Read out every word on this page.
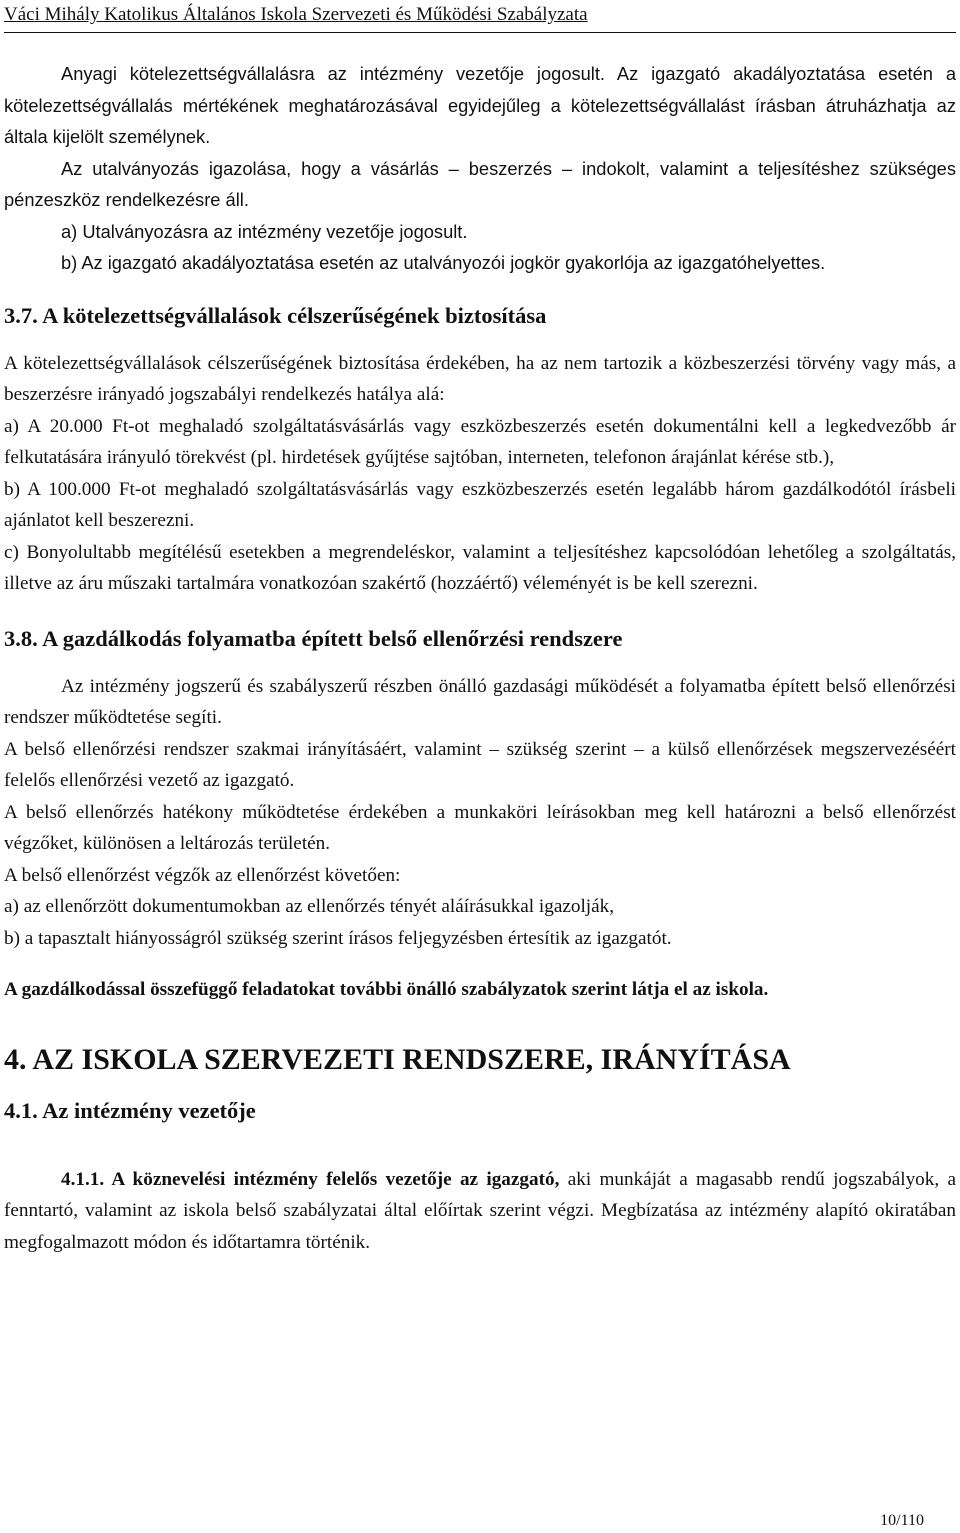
Váci Mihály Katolikus Általános Iskola Szervezeti és Működési Szabályzata

Anyagi kötelezettségvállalásra az intézmény vezetője jogosult. Az igazgató akadályoztatása esetén a kötelezettségvállalás mértékének meghatározásával egyidejűleg a kötelezettségvállalást írásban átruházhatja az általa kijelölt személynek.

Az utalványozás igazolása, hogy a vásárlás – beszerzés – indokolt, valamint a teljesítéshez szükséges pénzeszköz rendelkezésre áll.

a) Utalványozásra az intézmény vezetője jogosult.

b) Az igazgató akadályoztatása esetén az utalványozói jogkör gyakorlója az igazgatóhelyettes.

3.7. A kötelezettségvállalások célszerűségének biztosítása

A kötelezettségvállalások célszerűségének biztosítása érdekében, ha az nem tartozik a közbeszerzési törvény vagy más, a beszerzésre irányadó jogszabályi rendelkezés hatálya alá:

a) A 20.000 Ft-ot meghaladó szolgáltatásvásárlás vagy eszközbeszerzés esetén dokumentálni kell a legkedvezőbb ár felkutatására irányuló törekvést (pl. hirdetések gyűjtése sajtóban, interneten, telefonon árajánlat kérése stb.),

b) A 100.000 Ft-ot meghaladó szolgáltatásvásárlás vagy eszközbeszerzés esetén legalább három gazdálkodótól írásbeli ajánlatot kell beszerezni.

c) Bonyolultabb megítélésű esetekben a megrendeléskor, valamint a teljesítéshez kapcsolódóan lehetőleg a szolgáltatás, illetve az áru műszaki tartalmára vonatkozóan szakértő (hozzáértő) véleményét is be kell szerezni.

3.8. A gazdálkodás folyamatba épített belső ellenőrzési rendszere

Az intézmény jogszerű és szabályszerű részben önálló gazdasági működését a folyamatba épített belső ellenőrzési rendszer működtetése segíti.

A belső ellenőrzési rendszer szakmai irányításáért, valamint – szükség szerint – a külső ellenőrzések megszervezéséért felelős ellenőrzési vezető az igazgató.

A belső ellenőrzés hatékony működtetése érdekében a munkaköri leírásokban meg kell határozni a belső ellenőrzést végzőket, különösen a leltározás területén.

A belső ellenőrzést végzők az ellenőrzést követően:

a) az ellenőrzött dokumentumokban az ellenőrzés tényét aláírásukkal igazolják,

b) a tapasztalt hiányosságról szükség szerint írásos feljegyzésben értesítik az igazgatót.

A gazdálkodással összefüggő feladatokat további önálló szabályzatok szerint látja el az iskola.

4. AZ ISKOLA SZERVEZETI RENDSZERE, IRÁNYÍTÁSA
4.1. Az intézmény vezetője

4.1.1. A köznevelési intézmény felelős vezetője az igazgató, aki munkáját a magasabb rendű jogszabályok, a fenntartó, valamint az iskola belső szabályzatai által előírtak szerint végzi. Megbízatása az intézmény alapító okiratában megfogalmazott módon és időtartamra történik.

10/110
